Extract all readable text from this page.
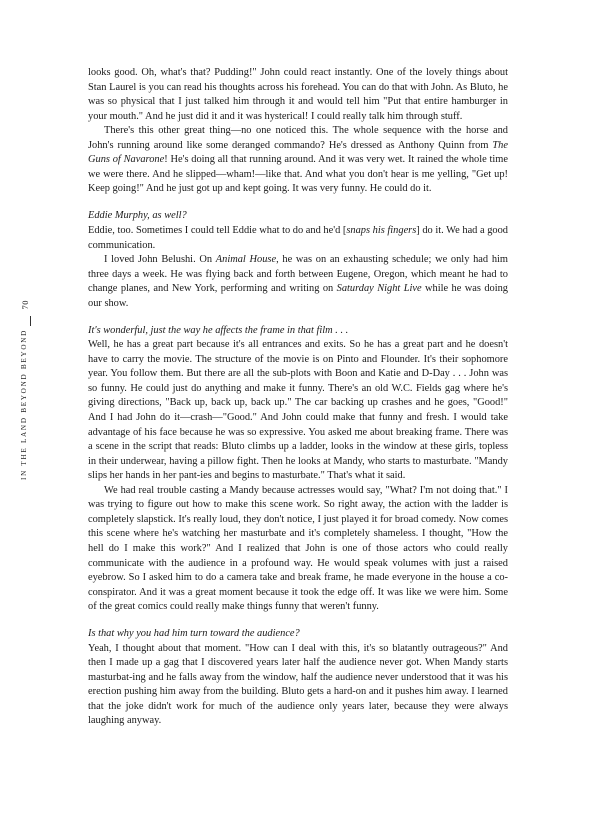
70
IN THE LAND BEYOND BEYOND

looks good. Oh, what's that? Pudding!" John could react instantly. One of the lovely things about Stan Laurel is you can read his thoughts across his forehead. You can do that with John. As Bluto, he was so physical that I just talked him through it and would tell him "Put that entire hamburger in your mouth." And he just did it and it was hysterical! I could really talk him through stuff.

There's this other great thing—no one noticed this. The whole sequence with the horse and John's running around like some deranged commando? He's dressed as Anthony Quinn from The Guns of Navarone! He's doing all that running around. And it was very wet. It rained the whole time we were there. And he slipped—wham!—like that. And what you don't hear is me yelling, "Get up! Keep going!" And he just got up and kept going. It was very funny. He could do it.

Eddie Murphy, as well?

Eddie, too. Sometimes I could tell Eddie what to do and he'd [snaps his fingers] do it. We had a good communication.

I loved John Belushi. On Animal House, he was on an exhausting schedule; we only had him three days a week. He was flying back and forth between Eugene, Oregon, which meant he had to change planes, and New York, performing and writing on Saturday Night Live while he was doing our show.

It's wonderful, just the way he affects the frame in that film . . .

Well, he has a great part because it's all entrances and exits. So he has a great part and he doesn't have to carry the movie. The structure of the movie is on Pinto and Flounder. It's their sophomore year. You follow them. But there are all the sub-plots with Boon and Katie and D-Day . . . John was so funny. He could just do anything and make it funny. There's an old W.C. Fields gag where he's giving directions, "Back up, back up, back up." The car backing up crashes and he goes, "Good!" And I had John do it—crash—"Good." And John could make that funny and fresh. I would take advantage of his face because he was so expressive. You asked me about breaking frame. There was a scene in the script that reads: Bluto climbs up a ladder, looks in the window at these girls, topless in their underwear, having a pillow fight. Then he looks at Mandy, who starts to masturbate. "Mandy slips her hands in her pant-ies and begins to masturbate." That's what it said.

We had real trouble casting a Mandy because actresses would say, "What? I'm not doing that." I was trying to figure out how to make this scene work. So right away, the action with the ladder is completely slapstick. It's really loud, they don't notice, I just played it for broad comedy. Now comes this scene where he's watching her masturbate and it's completely shameless. I thought, "How the hell do I make this work?" And I realized that John is one of those actors who could really communicate with the audience in a profound way. He would speak volumes with just a raised eyebrow. So I asked him to do a camera take and break frame, he made everyone in the house a co-conspirator. And it was a great moment because it took the edge off. It was like we were him. Some of the great comics could really make things funny that weren't funny.

Is that why you had him turn toward the audience?

Yeah, I thought about that moment. "How can I deal with this, it's so blatantly outrageous?" And then I made up a gag that I discovered years later half the audience never got. When Mandy starts masturbat-ing and he falls away from the window, half the audience never understood that it was his erection pushing him away from the building. Bluto gets a hard-on and it pushes him away. I learned that the joke didn't work for much of the audience only years later, because they were always laughing anyway.
